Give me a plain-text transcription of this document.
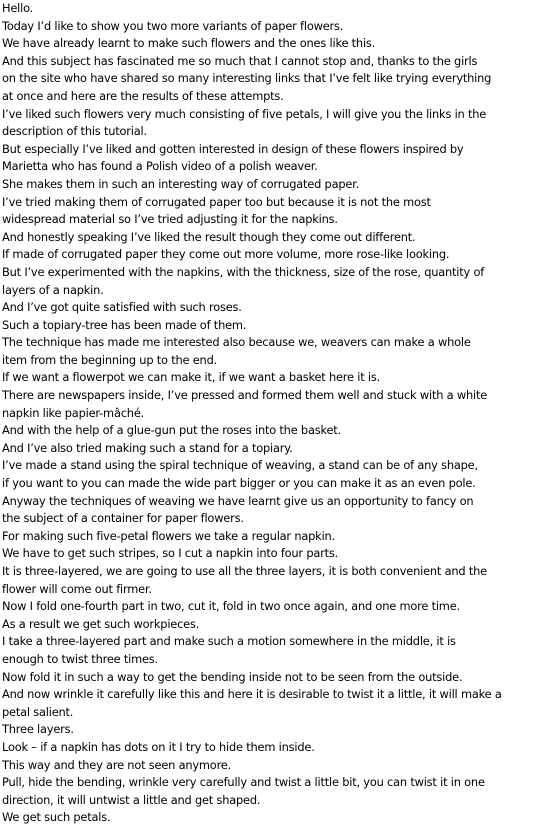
Hello.
Today I’d like to show you two more variants of paper flowers.
We have already learnt to make such flowers and the ones like this.
And this subject has fascinated me so much that I cannot stop and, thanks to the girls
on the site who have shared so many interesting links that I’ve felt like trying everything
at once and here are the results of these attempts.
I’ve liked such flowers very much consisting of five petals, I will give you the links in the
description of this tutorial.
But especially I’ve liked and gotten interested in design of these flowers inspired by
Marietta who has found a Polish video of a polish weaver.
She makes them in such an interesting way of corrugated paper.
I’ve tried making them of corrugated paper too but because it is not the most
widespread material so I’ve tried adjusting it for the napkins.
And honestly speaking I’ve liked the result though they come out different.
If made of corrugated paper they come out more volume, more rose-like looking.
But I’ve experimented with the napkins, with the thickness, size of the rose, quantity of
layers of a napkin.
And I’ve got quite satisfied with such roses.
Such a topiary-tree has been made of them.
The technique has made me interested also because we, weavers can make a whole
item from the beginning up to the end.
If we want a flowerpot we can make it, if we want a basket here it is.
There are newspapers inside, I’ve pressed and formed them well and stuck with a white
napkin like papier-mâché.
And with the help of a glue-gun put the roses into the basket.
And I’ve also tried making such a stand for a topiary.
I’ve made a stand using the spiral technique of weaving, a stand can be of any shape,
if you want to you can made the wide part bigger or you can make it as an even pole.
Anyway the techniques of weaving we have learnt give us an opportunity to fancy on
the subject of a container for paper flowers.
For making such five-petal flowers we take a regular napkin.
We have to get such stripes, so I cut a napkin into four parts.
It is three-layered, we are going to use all the three layers, it is both convenient and the
flower will come out firmer.
Now I fold one-fourth part in two, cut it, fold in two once again, and one more time.
As a result we get such workpieces.
I take a three-layered part and make such a motion somewhere in the middle, it is
enough to twist three times.
Now fold it in such a way to get the bending inside not to be seen from the outside.
And now wrinkle it carefully like this and here it is desirable to twist it a little, it will make a
petal salient.
Three layers.
Look – if a napkin has dots on it I try to hide them inside.
This way and they are not seen anymore.
Pull, hide the bending, wrinkle very carefully and twist a little bit, you can twist it in one
direction, it will untwist a little and get shaped.
We get such petals.
